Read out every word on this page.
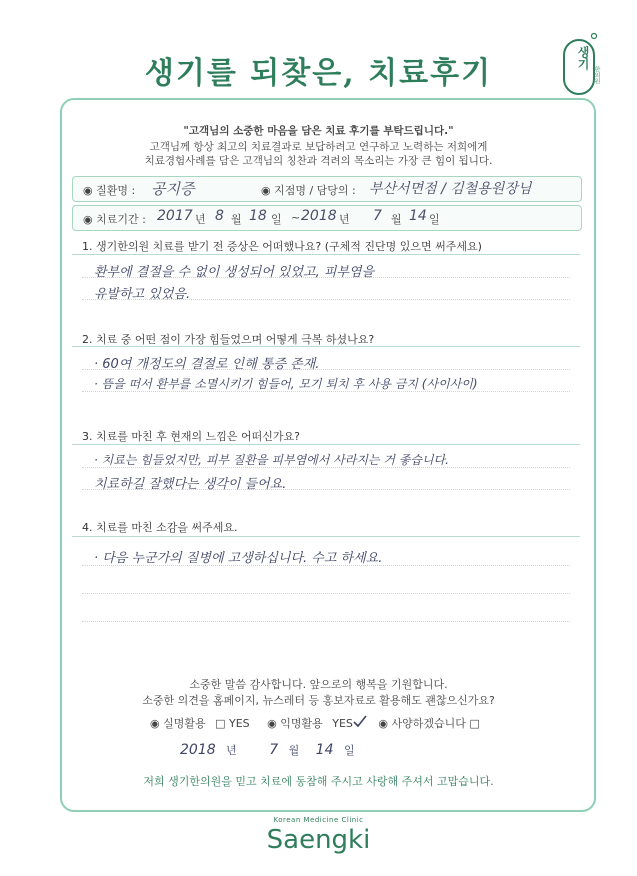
생기를 되찾은, 치료후기	생기
한의원
"고객님의 소중한 마음을 담은 치료 후기를 부탁드립니다."
고객님께 항상 최고의 치료결과로 보답하려고 연구하고 노력하는 저희에게
치료경험사례를 담은 고객님의 칭찬과 격려의 목소리는 가장 큰 힘이 됩니다.
◉ 질환명 : 공지증	◉ 지점명 / 담당의 : 부산서면점 / 김철용원장님
◉ 치료기간 : 2017 년 8 월 18 일 ~ 2018 년 7 월 14 일
1. 생기한의원 치료를 받기 전 증상은 어떠했나요? (구체적 진단명 있으면 써주세요)
환부에 결절을 수 없이 생성되어 있었고, 피부염을
유발하고 있었음.
2. 치료 중 어떤 점이 가장 힘들었으며 어떻게 극복 하셨나요?
· 60여 개정도의 결절로 인해 통증 존재.
· 뜸을 떠서 환부를 소멸시키기 힘들어, 모기 퇴치 후 사용 금지 (사이사이)
3. 치료를 마친 후 현재의 느낌은 어떠신가요?
· 치료는 힘들었지만, 피부 질환을 피부염에서 사라지는 거 좋습니다.
치료하길 잘했다는 생각이 들어요.
4. 치료를 마친 소감을 써주세요.
· 다음 누군가의 질병에 고생하십니다. 수고 하세요.
소중한 말씀 감사합니다. 앞으로의 행복을 기원합니다.
소중한 의견을 홈페이지, 뉴스레터 등 홍보자료로 활용해도 괜찮으신가요?
◉ 실명활용 □ YES ◉ 익명활용 YES ◉ 사양하겠습니다 □
2018 년 7 월 14 일
저희 생기한의원을 믿고 치료에 동참해 주시고 사랑해 주셔서 고맙습니다.
Korean Medicine Clinic
Saengki
